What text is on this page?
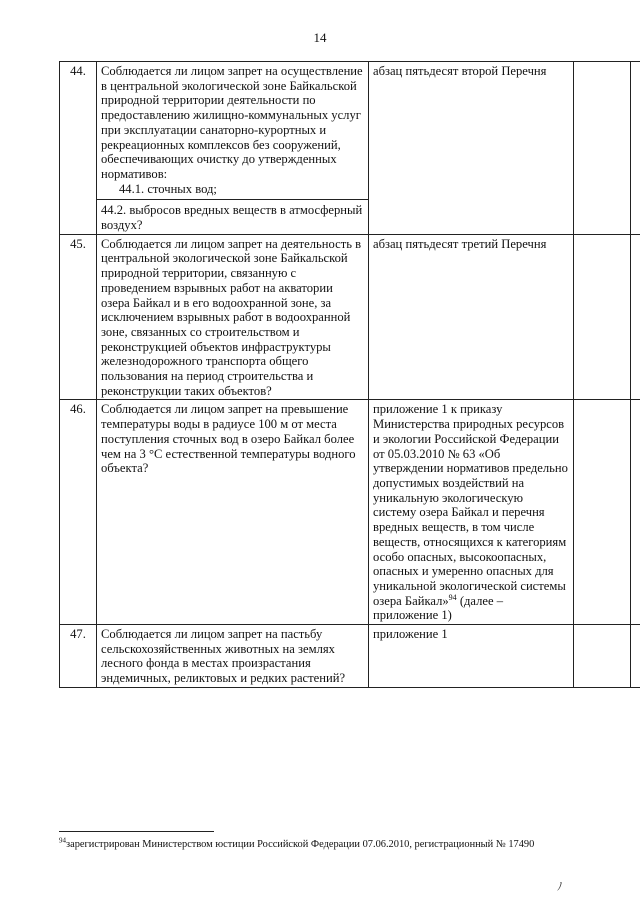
14
44.	Соблюдается ли лицом запрет на осуществление в центральной экологической зоне Байкальской природной территории деятельности по предоставлению жилищно-коммунальных услуг при эксплуатации санаторно-курортных и рекреационных комплексов без сооружений, обеспечивающих очистку до утвержденных нормативов:
44.1. сточных вод;
44.2. выбросов вредных веществ в атмосферный воздух?	абзац пятьдесят второй Перечня		
45.	Соблюдается ли лицом запрет на деятельность в центральной экологической зоне Байкальской природной территории, связанную с проведением взрывных работ на акватории озера Байкал и в его водоохранной зоне, за исключением взрывных работ в водоохранной зоне, связанных со строительством и реконструкцией объектов инфраструктуры железнодорожного транспорта общего пользования на период строительства и реконструкции таких объектов?	абзац пятьдесят третий Перечня		
46.	Соблюдается ли лицом запрет на превышение температуры воды в радиусе 100 м от места поступления сточных вод в озеро Байкал более чем на 3 °С естественной температуры водного объекта?	приложение 1 к приказу Министерства природных ресурсов и экологии Российской Федерации от 05.03.2010 № 63 «Об утверждении нормативов предельно допустимых воздействий на уникальную экологическую систему озера Байкал и перечня вредных веществ, в том числе веществ, относящихся к категориям особо опасных, высокоопасных, опасных и умеренно опасных для уникальной экологической системы озера Байкал»$^{94}$ (далее – приложение 1)		
47.	Соблюдается ли лицом запрет на пастьбу сельскохозяйственных животных на землях лесного фонда в местах произрастания эндемичных, реликтовых и редких растений?	приложение 1		
$^{94}$зарегистрирован Министерством юстиции Российской Федерации 07.06.2010, регистрационный № 17490
ﾉ
